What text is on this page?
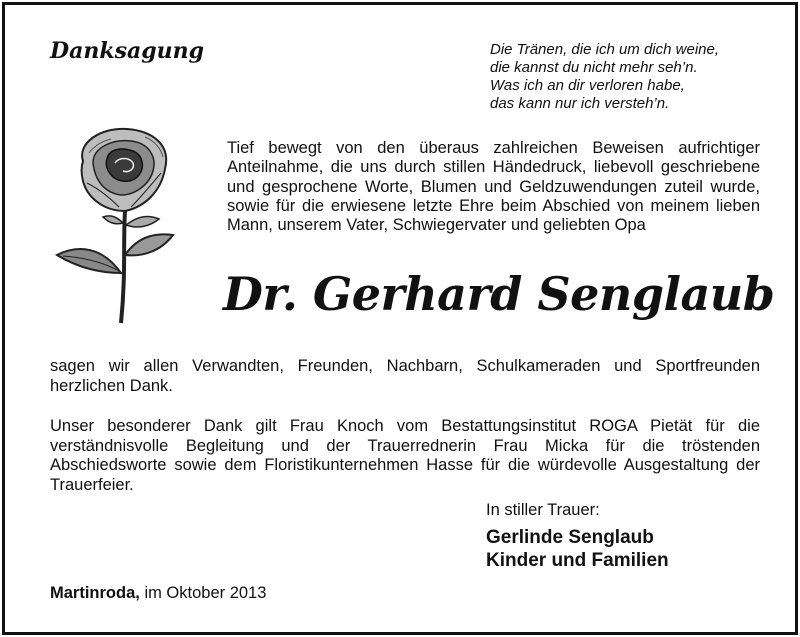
Danksagung	Die Tränen, die ich um dich weine,
die kannst du nicht mehr seh’n.
Was ich an dir verloren habe,
das kann nur ich versteh’n.

Tief bewegt von den überaus zahlreichen Beweisen aufrichtiger Anteilnahme, die uns durch stillen Händedruck, liebevoll geschriebene und gesprochene Worte, Blumen und Geldzuwendungen zuteil wurde, sowie für die erwiesene letzte Ehre beim Abschied von meinem lieben Mann, unserem Vater, Schwiegervater und geliebten Opa

Dr. Gerhard Senglaub

sagen wir allen Verwandten, Freunden, Nachbarn, Schulkameraden und Sportfreunden herzlichen Dank.

Unser besonderer Dank gilt Frau Knoch vom Bestattungsinstitut ROGA Pietät für die verständnisvolle Begleitung und der Trauerrednerin Frau Micka für die tröstenden Abschiedsworte sowie dem Floristikunternehmen Hasse für die würdevolle Ausgestaltung der Trauerfeier.

In stiller Trauer:
Gerlinde Senglaub
Kinder und Familien
Martinroda, im Oktober 2013
